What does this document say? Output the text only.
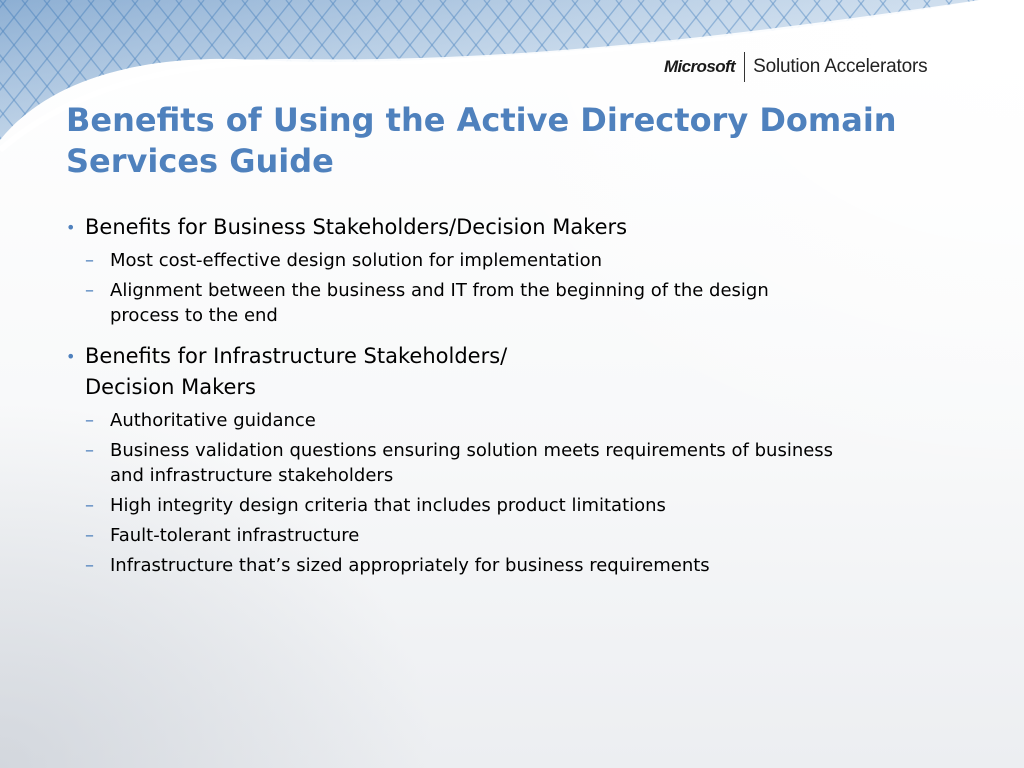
Microsoft Solution Accelerators
Benefits of Using the Active Directory Domain
Services Guide
• Benefits for Business Stakeholders/Decision Makers
– Most cost-effective design solution for implementation
– Alignment between the business and IT from the beginning of the design
process to the end
• Benefits for Infrastructure Stakeholders/
Decision Makers
– Authoritative guidance
– Business validation questions ensuring solution meets requirements of business
and infrastructure stakeholders
– High integrity design criteria that includes product limitations
– Fault-tolerant infrastructure
– Infrastructure that’s sized appropriately for business requirements
